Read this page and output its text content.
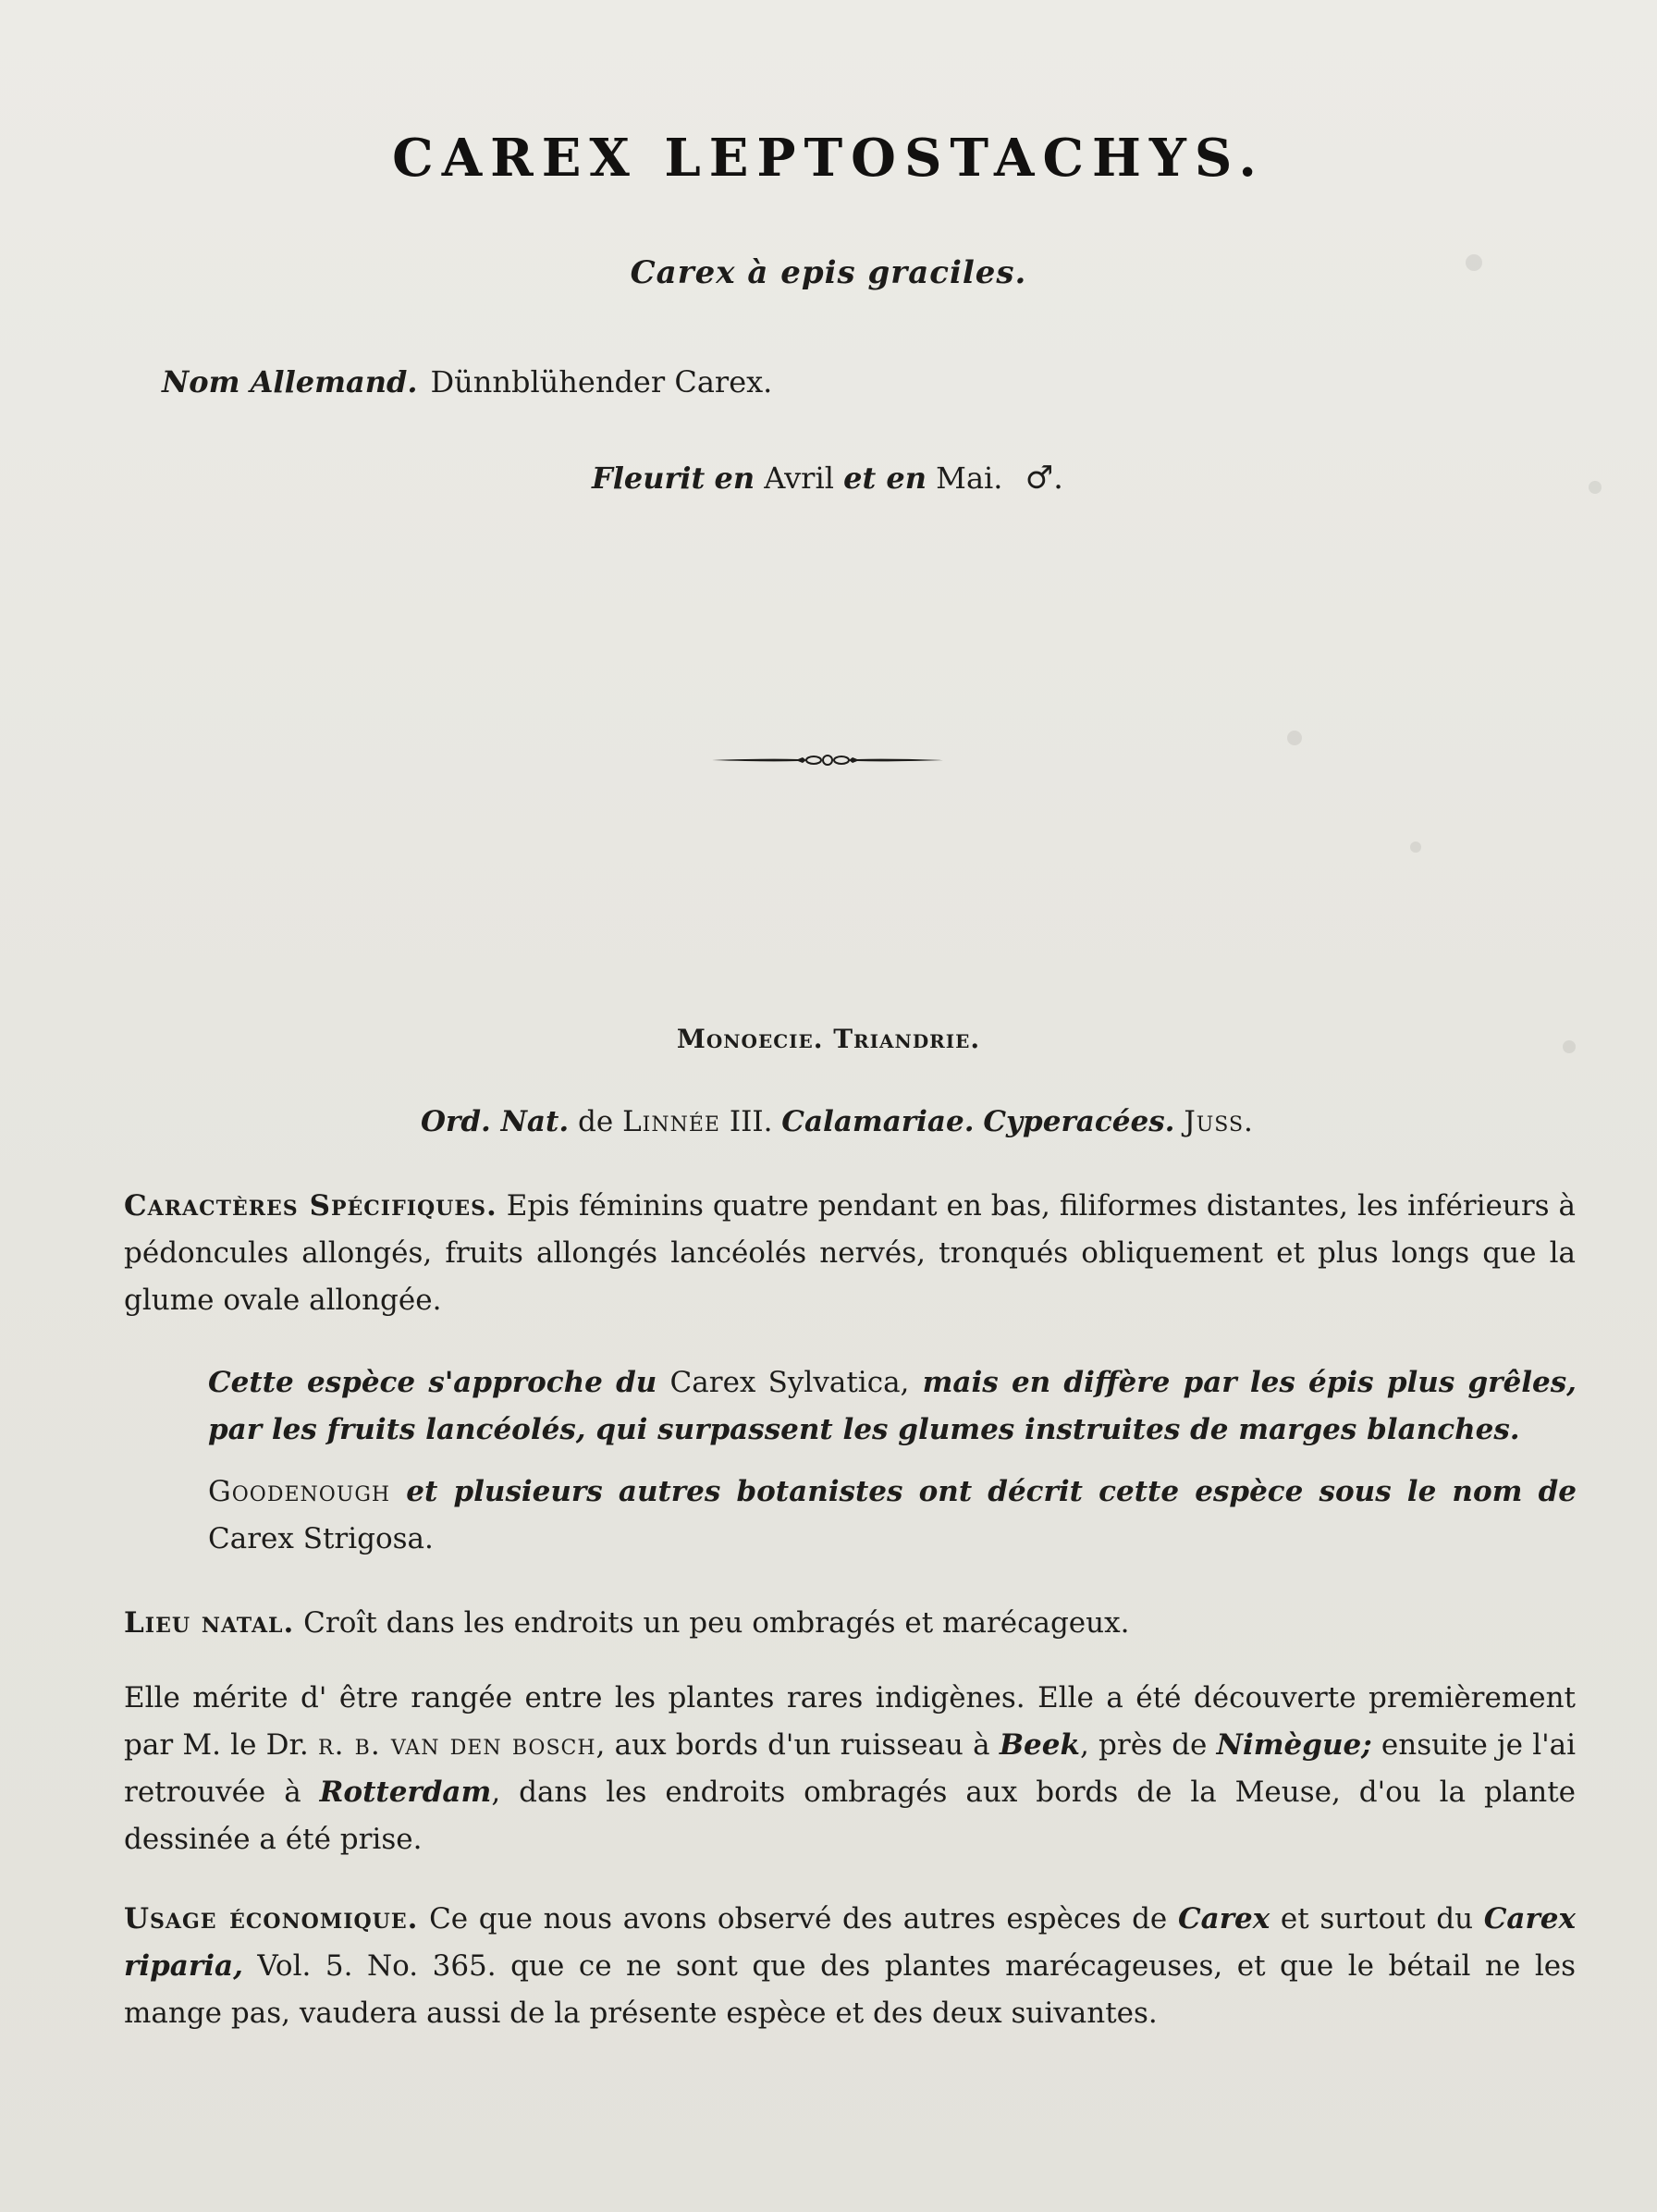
CAREX LEPTOSTACHYS.
Carex à epis graciles.
Nom Allemand. Dünnblühender Carex.
Fleurit en Avril et en Mai. ♂.
Monoecie. Triandrie.
Ord. Nat. de Linnée III. Calamariae. Cyperacées. Juss.
Caractères Spécifiques. Epis féminins quatre pendant en bas, filiformes distantes, les inférieurs à pédoncules allongés, fruits allongés lancéolés nervés, tronqués obliquement et plus longs que la glume ovale allongée.
Cette espèce s'approche du Carex Sylvatica, mais en diffère par les épis plus grêles, par les fruits lancéolés, qui surpassent les glumes instruites de marges blanches.
Goodenough et plusieurs autres botanistes ont décrit cette espèce sous le nom de Carex Strigosa.
Lieu natal. Croît dans les endroits un peu ombragés et marécageux.
Elle mérite d' être rangée entre les plantes rares indigènes. Elle a été découverte premièrement par M. le Dr. r. b. van den bosch, aux bords d'un ruisseau à Beek, près de Nimègue; ensuite je l'ai retrouvée à Rotterdam, dans les endroits ombragés aux bords de la Meuse, d'ou la plante dessinée a été prise.
Usage économique. Ce que nous avons observé des autres espèces de Carex et surtout du Carex riparia, Vol. 5. No. 365. que ce ne sont que des plantes marécageuses, et que le bétail ne les mange pas, vaudera aussi de la présente espèce et des deux suivantes.
